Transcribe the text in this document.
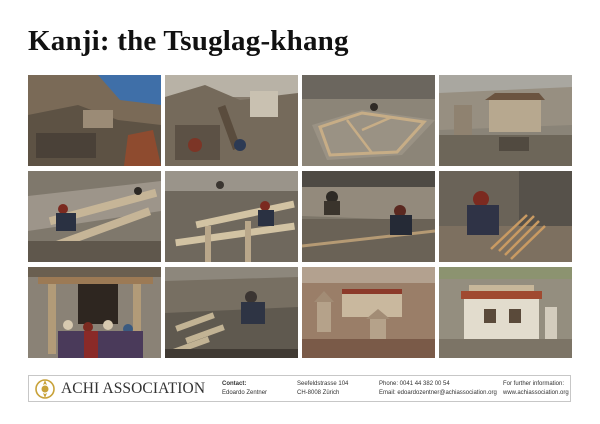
Kanji: the Tsuglag-khang
ACHI ASSOCIATION	Contact:
Edoardo Zentner
Seefeldstrasse 104
CH-8008 Zürich
Phone: 0041 44 382 00 54
Email: edoardozentner@achiassociation.org
For further information:
www.achiassociation.org
